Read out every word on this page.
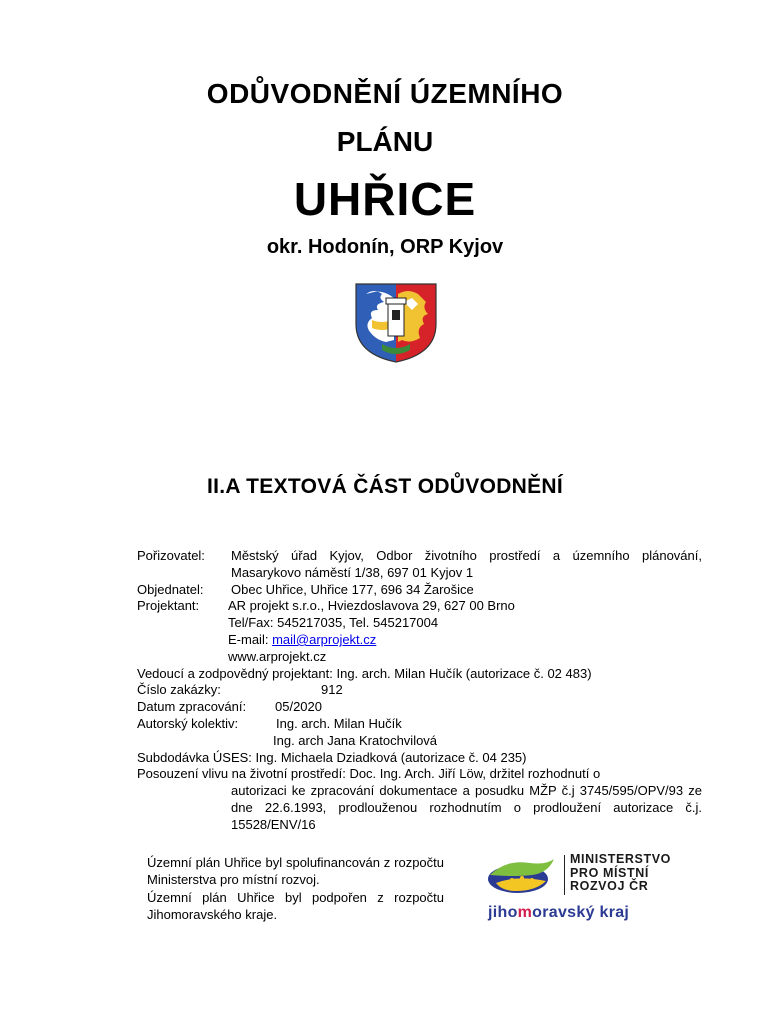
ODŮVODNĚNÍ ÚZEMNÍHO
PLÁNU
UHŘICE
okr. Hodonín, ORP Kyjov
II.A TEXTOVÁ ČÁST ODŮVODNĚNÍ
Pořizovatel: Městský úřad Kyjov, Odbor životního prostředí a územního plánování, Masarykovo náměstí 1/38, 697 01 Kyjov 1
Objednatel: Obec Uhřice, Uhřice 177, 696 34 Žarošice
Projektant: AR projekt s.r.o., Hviezdoslavova 29, 627 00 Brno
Tel/Fax: 545217035, Tel. 545217004
E-mail: mail@arprojekt.cz
www.arprojekt.cz
Vedoucí a zodpovědný projektant: Ing. arch. Milan Hučík (autorizace č. 02 483)
Číslo zakázky:	912
Datum zpracování: 05/2020
Autorský kolektiv:	Ing. arch. Milan Hučík
Ing. arch Jana Kratochvilová
Subdodávka ÚSES: Ing. Michaela Dziadková (autorizace č. 04 235)
Posouzení vlivu na životní prostředí: Doc. Ing. Arch. Jiří Löw, držitel rozhodnutí o
autorizaci ke zpracování dokumentace a posudku MŽP č.j 3745/595/OPV/93 ze dne 22.6.1993, prodlouženou rozhodnutím o prodloužení autorizace č.j. 15528/ENV/16

Územní plán Uhřice byl spolufinancován z rozpočtu Ministerstva pro místní rozvoj.

Územní plán Uhřice byl podpořen z rozpočtu Jihomoravského kraje.

MINISTERSTVO
PRO MÍSTNÍ
ROZVOJ ČR
jihomoravský kraj
